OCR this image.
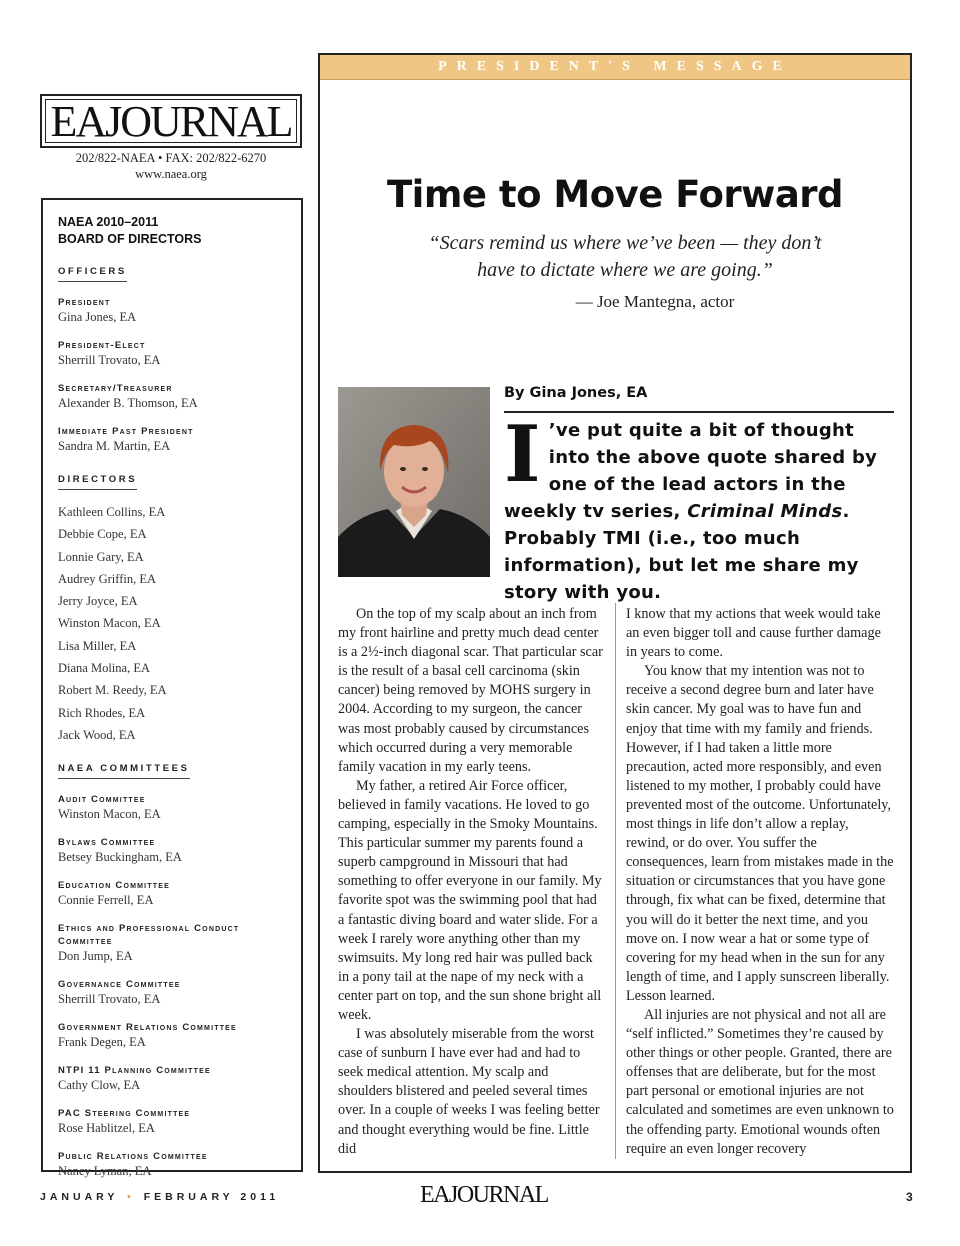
EAJOURNAL
202/822-NAEA • FAX: 202/822-6270
www.naea.org
NAEA 2010–2011
BOARD OF DIRECTORS
OFFICERS
President
Gina Jones, EA
President-Elect
Sherrill Trovato, EA
Secretary/Treasurer
Alexander B. Thomson, EA
Immediate Past President
Sandra M. Martin, EA
DIRECTORS
Kathleen Collins, EA
Debbie Cope, EA
Lonnie Gary, EA
Audrey Griffin, EA
Jerry Joyce, EA
Winston Macon, EA
Lisa Miller, EA
Diana Molina, EA
Robert M. Reedy, EA
Rich Rhodes, EA
Jack Wood, EA
NAEA COMMITTEES
Audit Committee
Winston Macon, EA
Bylaws Committee
Betsey Buckingham, EA
Education Committee
Connie Ferrell, EA
Ethics and Professional Conduct Committee
Don Jump, EA
Governance Committee
Sherrill Trovato, EA
Government Relations Committee
Frank Degen, EA
NTPI 11 Planning Committee
Cathy Clow, EA
PAC Steering Committee
Rose Hablitzel, EA
Public Relations Committee
Nancy Lyman, EA
PRESIDENT'S MESSAGE
Time to Move Forward
“Scars remind us where we’ve been — they don’t
have to dictate where we are going.”
— Joe Mantegna, actor
By Gina Jones, EA
I ’ve put quite a bit of thought into the above quote shared by one of the lead actors in the weekly tv series, Criminal Minds. Probably TMI (i.e., too much information), but let me share my story with you.

On the top of my scalp about an inch from my front hairline and pretty much dead center is a 2½-inch diagonal scar. That particular scar is the result of a basal cell carcinoma (skin cancer) being removed by MOHS surgery in 2004. According to my surgeon, the cancer was most probably caused by circumstances which occurred during a very memorable family vacation in my early teens.

My father, a retired Air Force officer, believed in family vacations. He loved to go camping, especially in the Smoky Mountains. This particular summer my parents found a superb campground in Missouri that had something to offer everyone in our family. My favorite spot was the swimming pool that had a fantastic diving board and water slide. For a week I rarely wore anything other than my swimsuits. My long red hair was pulled back in a pony tail at the nape of my neck with a center part on top, and the sun shone bright all week.

I was absolutely miserable from the worst case of sunburn I have ever had and had to seek medical attention. My scalp and shoulders blistered and peeled several times over. In a couple of weeks I was feeling better and thought everything would be fine. Little did

I know that my actions that week would take an even bigger toll and cause further damage in years to come.

You know that my intention was not to receive a second degree burn and later have skin cancer. My goal was to have fun and enjoy that time with my family and friends. However, if I had taken a little more precaution, acted more responsibly, and even listened to my mother, I probably could have prevented most of the outcome. Unfortunately, most things in life don’t allow a replay, rewind, or do over. You suffer the consequences, learn from mistakes made in the situation or circumstances that you have gone through, fix what can be fixed, determine that you will do it better the next time, and you move on. I now wear a hat or some type of covering for my head when in the sun for any length of time, and I apply sunscreen liberally. Lesson learned.

All injuries are not physical and not all are “self inflicted.” Sometimes they’re caused by other things or other people. Granted, there are offenses that are deliberate, but for the most part personal or emotional injuries are not calculated and sometimes are even unknown to the offending party. Emotional wounds often require an even longer recovery

JANUARY • FEBRUARY 2011	EAJOURNAL	3
